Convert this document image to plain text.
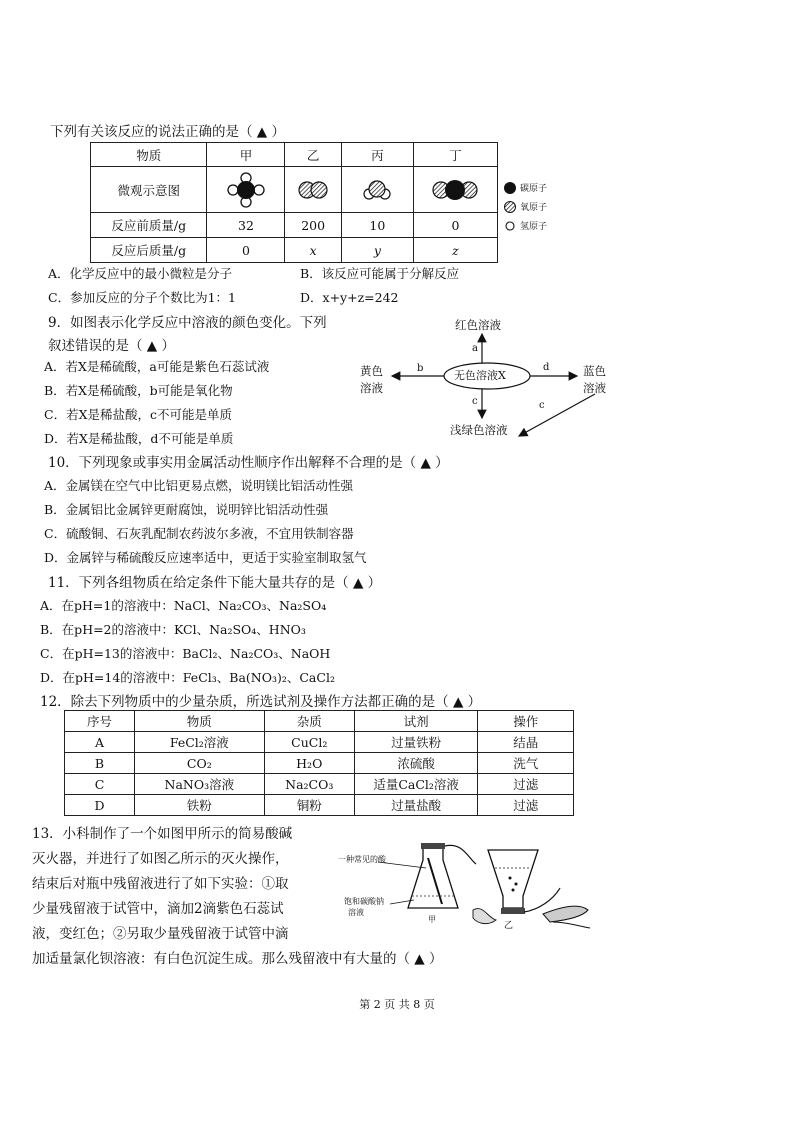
下列有关该反应的说法正确的是（ ▲ ）
物质	甲	乙	丙	丁
微观示意图				
反应前质量/g	32	200	10	0
反应后质量/g	0	x	y	z
碳原子
氧原子
氢原子
A．化学反应中的最小微粒是分子	B．该反应可能属于分解反应
C．参加反应的分子个数比为1：1	D．x+y+z=242
9．如图表示化学反应中溶液的颜色变化。下列
叙述错误的是（ ▲ ）
A．若X是稀硫酸，a可能是紫色石蕊试液
B．若X是稀硫酸，b可能是氧化物
C．若X是稀盐酸，c不可能是单质
D．若X是稀盐酸，d不可能是单质
红色溶液
黄色
溶液
蓝色
溶液
无色溶液X
浅绿色溶液
a
b	d
c	c
10．下列现象或事实用金属活动性顺序作出解释不合理的是（ ▲ ）
A．金属镁在空气中比铝更易点燃，说明镁比铝活动性强
B．金属铝比金属锌更耐腐蚀，说明锌比铝活动性强
C．硫酸铜、石灰乳配制农药波尔多液，不宜用铁制容器
D．金属锌与稀硫酸反应速率适中，更适于实验室制取氢气
11．下列各组物质在给定条件下能大量共存的是（ ▲ ）
A．在pH=1的溶液中：NaCl、Na₂CO₃、Na₂SO₄
B．在pH=2的溶液中：KCl、Na₂SO₄、HNO₃
C．在pH=13的溶液中：BaCl₂、Na₂CO₃、NaOH
D．在pH=14的溶液中：FeCl₃、Ba(NO₃)₂、CaCl₂
12．除去下列物质中的少量杂质，所选试剂及操作方法都正确的是（ ▲ ）
序号	物质	杂质	试剂	操作
A	FeCl₂溶液	CuCl₂	过量铁粉	结晶
B	CO₂	H₂O	浓硫酸	洗气
C	NaNO₃溶液	Na₂CO₃	适量CaCl₂溶液	过滤
D	铁粉	铜粉	过量盐酸	过滤
13．小科制作了一个如图甲所示的简易酸碱
灭火器，并进行了如图乙所示的灭火操作，
结束后对瓶中残留液进行了如下实验：①取
少量残留液于试管中，滴加2滴紫色石蕊试
液，变红色；②另取少量残留液于试管中滴
加适量氯化钡溶液：有白色沉淀生成。那么残留液中有大量的（ ▲ ）
一种常见的酸
饱和碳酸钠
溶液
甲
乙
第 2 页 共 8 页
